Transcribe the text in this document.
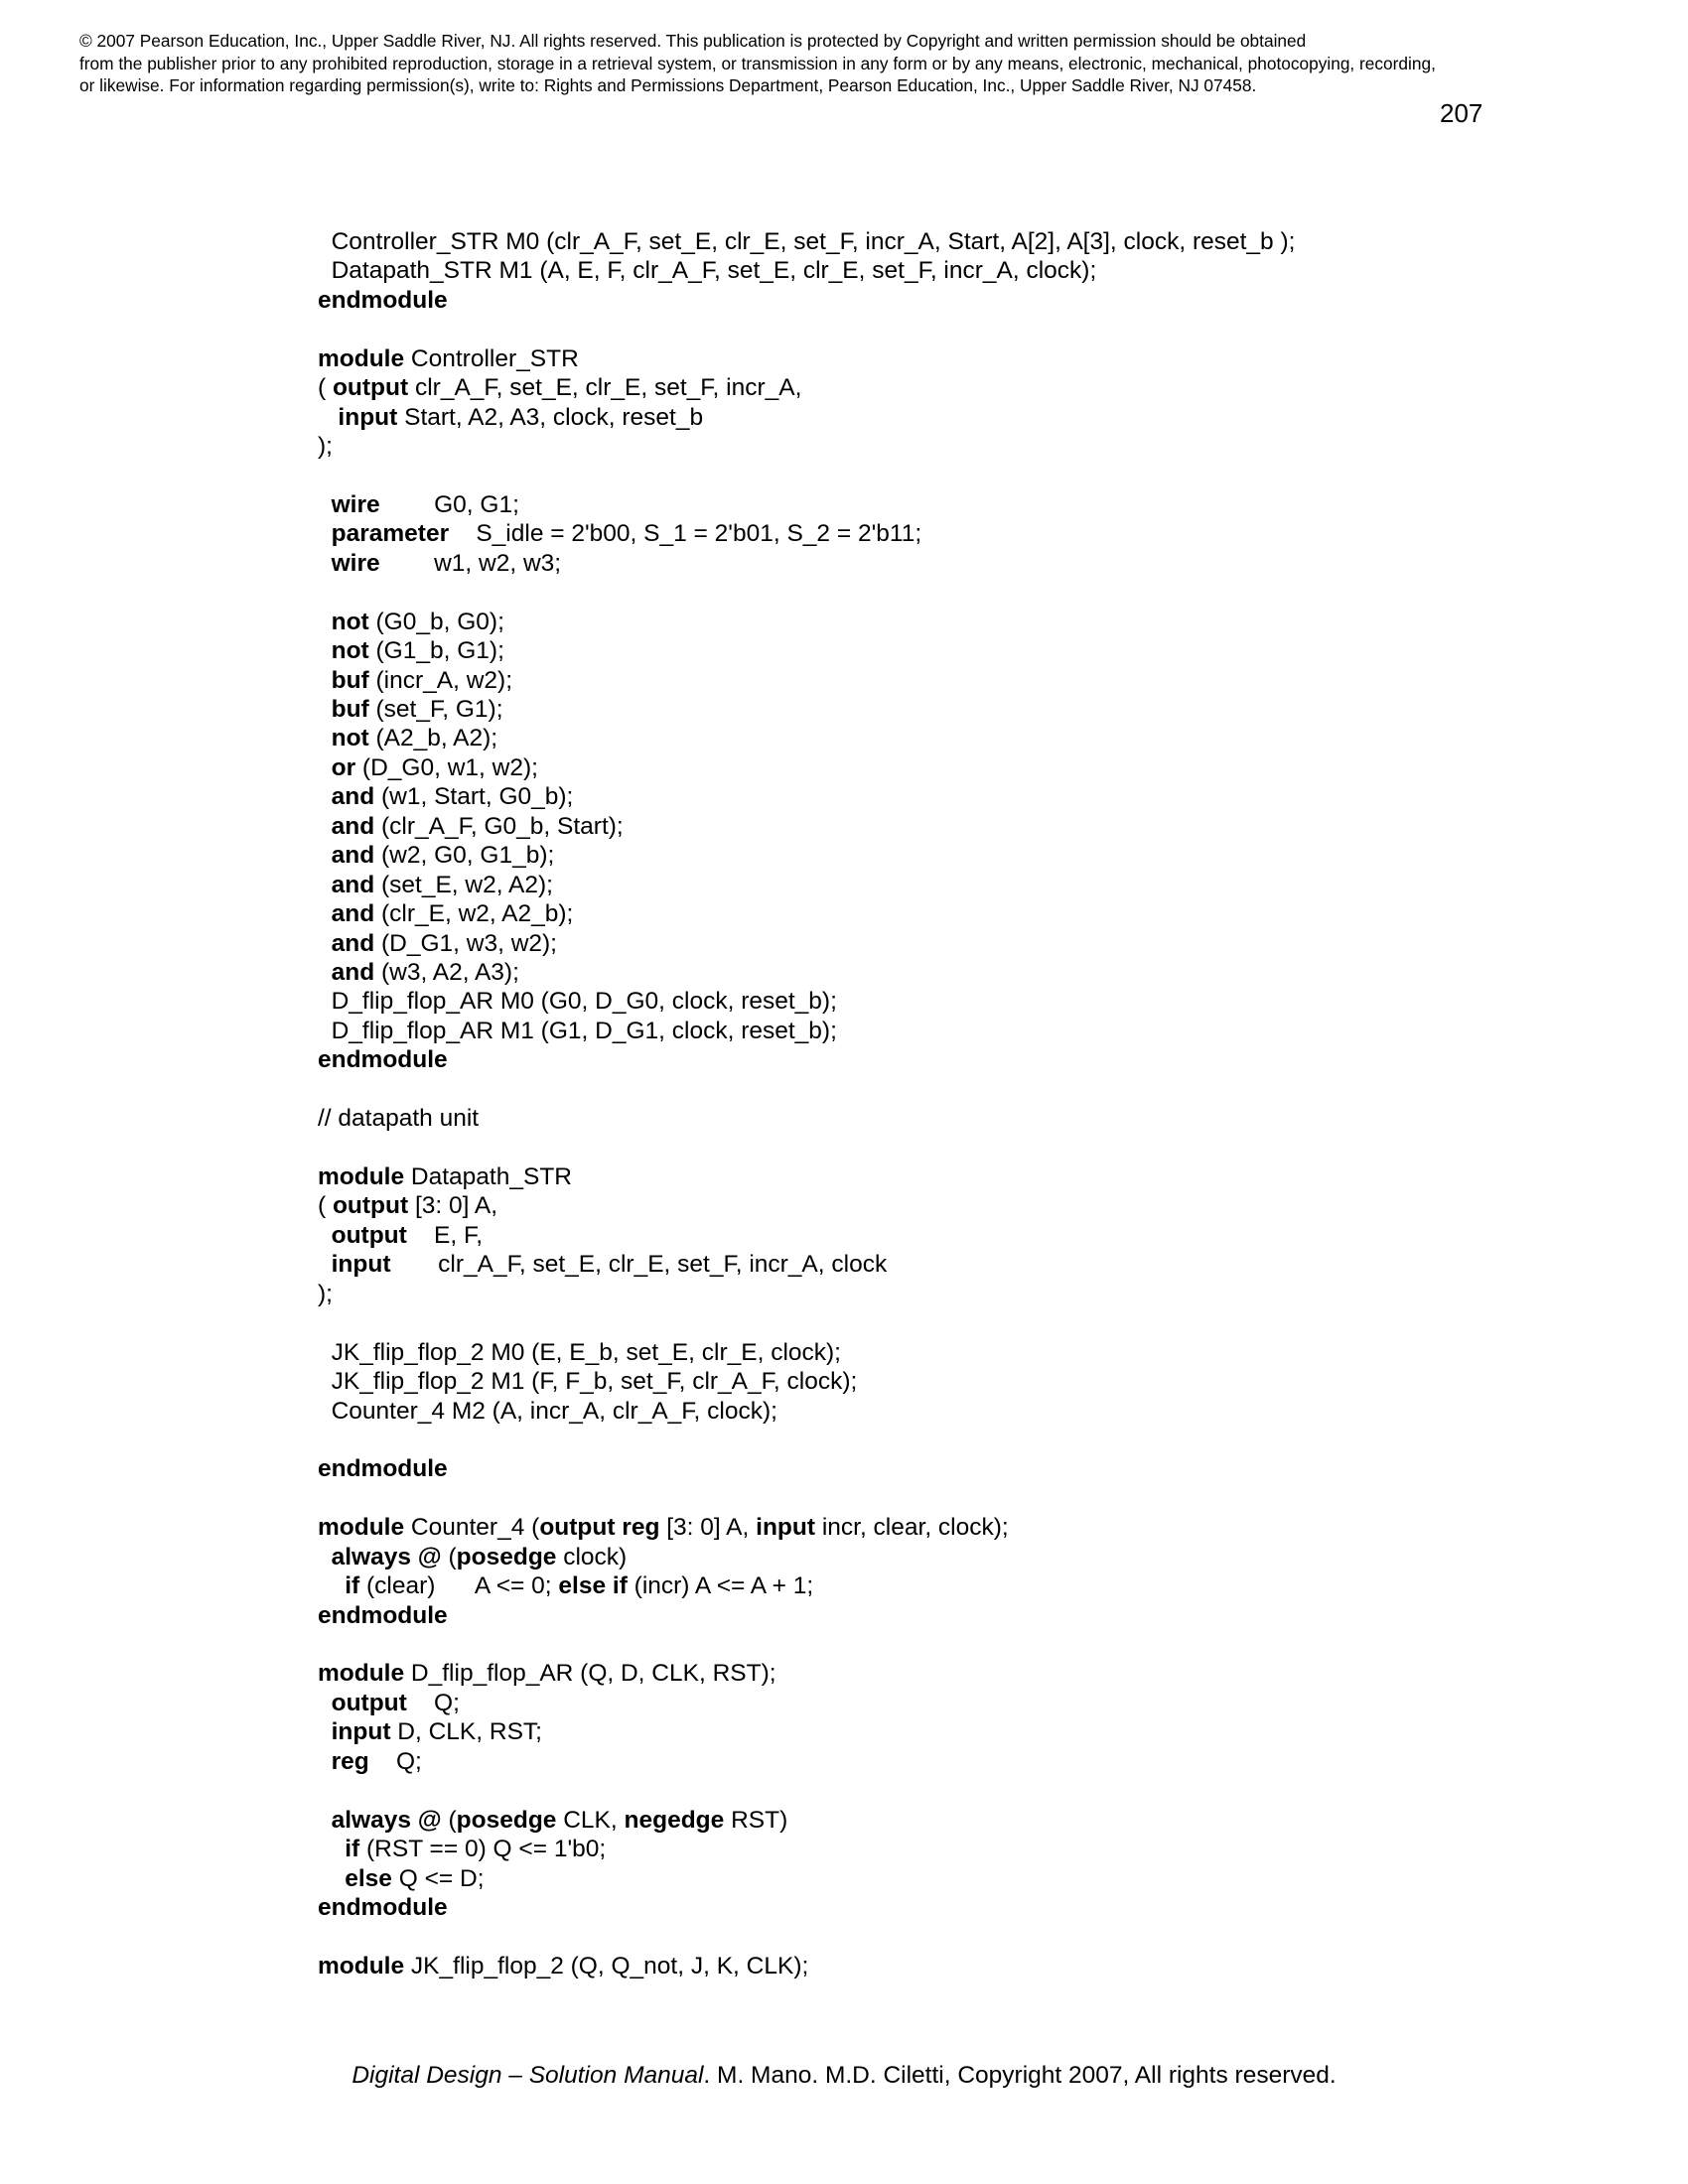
© 2007 Pearson Education, Inc., Upper Saddle River, NJ. All rights reserved. This publication is protected by Copyright and written permission should be obtained
from the publisher prior to any prohibited reproduction, storage in a retrieval system, or transmission in any form or by any means, electronic, mechanical, photocopying, recording,
or likewise. For information regarding permission(s), write to: Rights and Permissions Department, Pearson Education, Inc., Upper Saddle River, NJ 07458.
207
Controller_STR M0 (clr_A_F, set_E, clr_E, set_F, incr_A, Start, A[2], A[3], clock, reset_b );
Datapath_STR M1 (A, E, F, clr_A_F, set_E, clr_E, set_F, incr_A, clock);
endmodule
module Controller_STR
( output clr_A_F, set_E, clr_E, set_F, incr_A,
input Start, A2, A3, clock, reset_b
);
wire        G0, G1;
parameter    S_idle = 2'b00, S_1 = 2'b01, S_2 = 2'b11;
wire        w1, w2, w3;
not (G0_b, G0);
not (G1_b, G1);
buf (incr_A, w2);
buf (set_F, G1);
not (A2_b, A2);
or (D_G0, w1, w2);
and (w1, Start, G0_b);
and (clr_A_F, G0_b, Start);
and (w2, G0, G1_b);
and (set_E, w2, A2);
and (clr_E, w2, A2_b);
and (D_G1, w3, w2);
and (w3, A2, A3);
D_flip_flop_AR M0 (G0, D_G0, clock, reset_b);
D_flip_flop_AR M1 (G1, D_G1, clock, reset_b);
endmodule
// datapath unit
module Datapath_STR
( output [3: 0] A,
output    E, F,
input       clr_A_F, set_E, clr_E, set_F, incr_A, clock
);
JK_flip_flop_2 M0 (E, E_b, set_E, clr_E, clock);
JK_flip_flop_2 M1 (F, F_b, set_F, clr_A_F, clock);
Counter_4 M2 (A, incr_A, clr_A_F, clock);
endmodule
module Counter_4 (output reg [3: 0] A, input incr, clear, clock);
always @ (posedge clock)
if (clear)      A <= 0; else if (incr) A <= A + 1;
endmodule
module D_flip_flop_AR (Q, D, CLK, RST);
output    Q;
input D, CLK, RST;
reg    Q;
always @ (posedge CLK, negedge RST)
if (RST == 0) Q <= 1'b0;
else Q <= D;
endmodule
module JK_flip_flop_2 (Q, Q_not, J, K, CLK);
Digital Design – Solution Manual. M. Mano. M.D. Ciletti, Copyright 2007, All rights reserved.
